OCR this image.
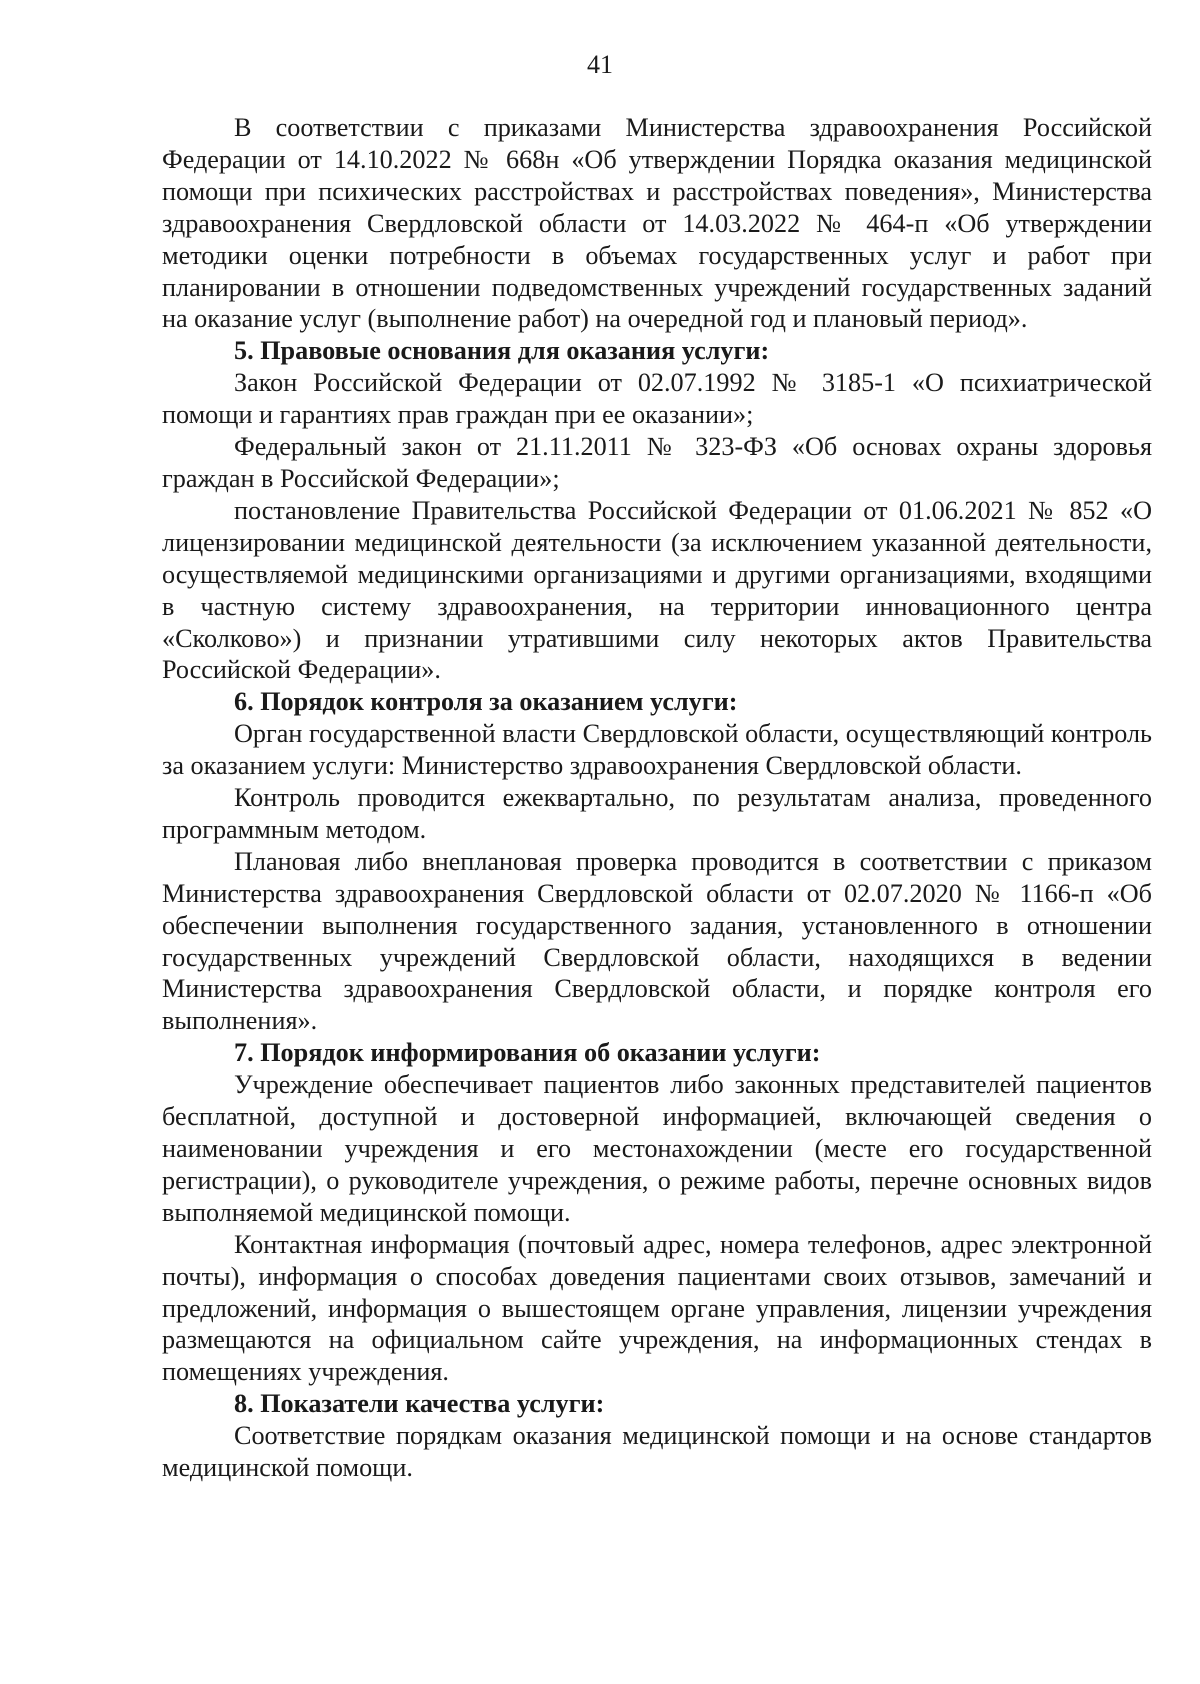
41

В соответствии с приказами Министерства здравоохранения Российской Федерации от 14.10.2022 № 668н «Об утверждении Порядка оказания медицинской помощи при психических расстройствах и расстройствах поведения», Министерства здравоохранения Свердловской области от 14.03.2022 № 464-п «Об утверждении методики оценки потребности в объемах государственных услуг и работ при планировании в отношении подведомственных учреждений государственных заданий на оказание услуг (выполнение работ) на очередной год и плановый период».

5. Правовые основания для оказания услуги:

Закон Российской Федерации от 02.07.1992 № 3185-1 «О психиатрической помощи и гарантиях прав граждан при ее оказании»;

Федеральный закон от 21.11.2011 № 323-ФЗ «Об основах охраны здоровья граждан в Российской Федерации»;

постановление Правительства Российской Федерации от 01.06.2021 № 852 «О лицензировании медицинской деятельности (за исключением указанной деятельности, осуществляемой медицинскими организациями и другими организациями, входящими в частную систему здравоохранения, на территории инновационного центра «Сколково») и признании утратившими силу некоторых актов Правительства Российской Федерации».

6. Порядок контроля за оказанием услуги:

Орган государственной власти Свердловской области, осуществляющий контроль за оказанием услуги: Министерство здравоохранения Свердловской области.

Контроль проводится ежеквартально, по результатам анализа, проведенного программным методом.

Плановая либо внеплановая проверка проводится в соответствии с приказом Министерства здравоохранения Свердловской области от 02.07.2020 № 1166-п «Об обеспечении выполнения государственного задания, установленного в отношении государственных учреждений Свердловской области, находящихся в ведении Министерства здравоохранения Свердловской области, и порядке контроля его выполнения».

7. Порядок информирования об оказании услуги:

Учреждение обеспечивает пациентов либо законных представителей пациентов бесплатной, доступной и достоверной информацией, включающей сведения о наименовании учреждения и его местонахождении (месте его государственной регистрации), о руководителе учреждения, о режиме работы, перечне основных видов выполняемой медицинской помощи.

Контактная информация (почтовый адрес, номера телефонов, адрес электронной почты), информация о способах доведения пациентами своих отзывов, замечаний и предложений, информация о вышестоящем органе управления, лицензии учреждения размещаются на официальном сайте учреждения, на информационных стендах в помещениях учреждения.

8. Показатели качества услуги:

Соответствие порядкам оказания медицинской помощи и на основе стандартов медицинской помощи.
